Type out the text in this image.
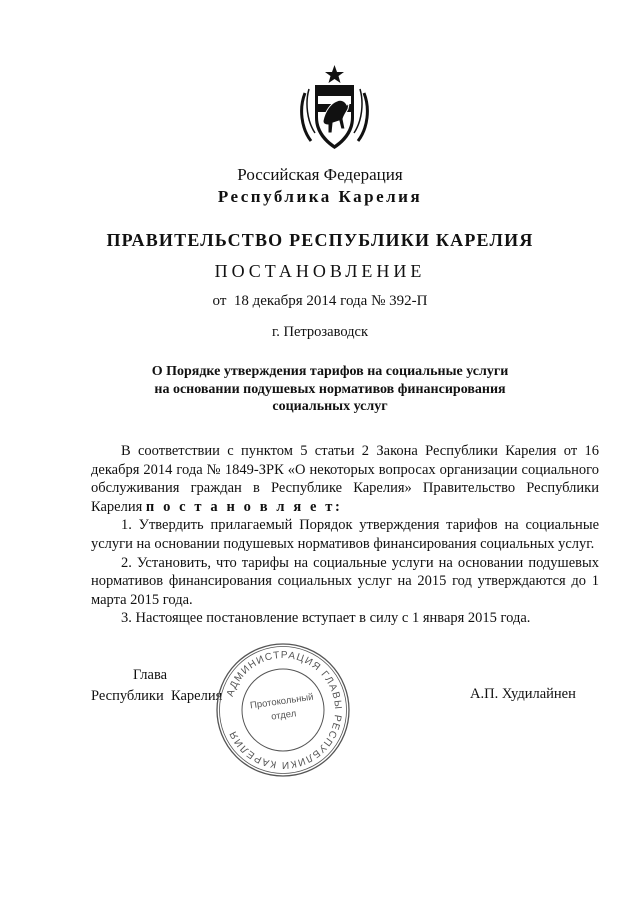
Российская Федерация
Республика Карелия
ПРАВИТЕЛЬСТВО РЕСПУБЛИКИ КАРЕЛИЯ
ПОСТАНОВЛЕНИЕ
от  18 декабря 2014 года № 392-П
г. Петрозаводск
О Порядке утверждения тарифов на социальные услуги
на основании подушевых нормативов финансирования
социальных услуг

В соответствии с пунктом 5 статьи 2 Закона Республики Карелия от 16 декабря 2014 года № 1849-ЗРК «О некоторых вопросах организации социального обслуживания граждан в Республике Карелия» Правительство Республики Карелия п о с т а н о в л я е т:

1. Утвердить прилагаемый Порядок утверждения тарифов на социальные услуги на основании подушевых нормативов финансирования социальных услуг.

2. Установить, что тарифы на социальные услуги на основании подушевых нормативов финансирования социальных услуг на 2015 год утверждаются до 1 марта 2015 года.

3. Настоящее постановление вступает в силу с 1 января 2015 года.

Глава
Республики  Карелия	А.П. Худилайнен
АДМИНИСТРАЦИЯ ГЛАВЫ РЕСПУБЛИКИ КАРЕЛИЯ
Протокольный
отдел
